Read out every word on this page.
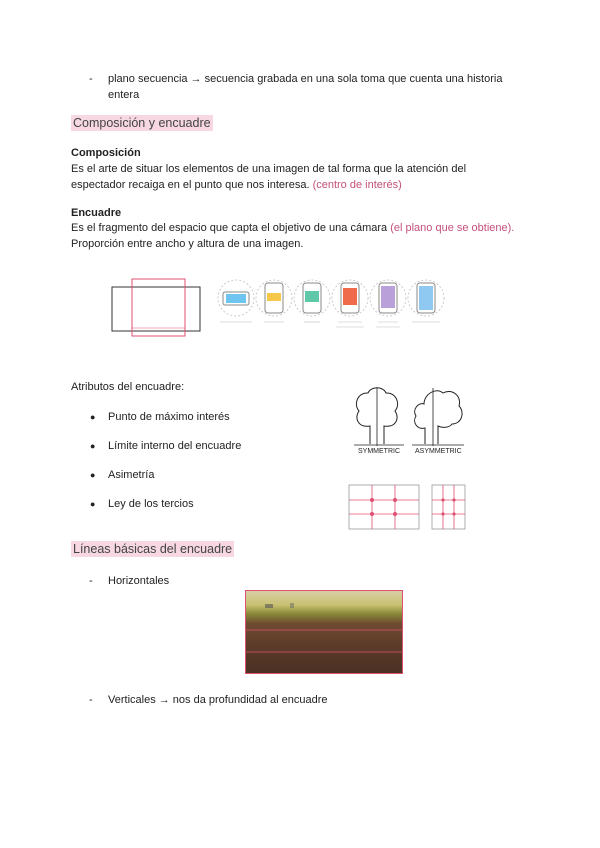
- plano secuencia → secuencia grabada en una sola toma que cuenta una historia
entera
Composición y encuadre
Composición
Es el arte de situar los elementos de una imagen de tal forma que la atención del
espectador recaiga en el punto que nos interesa. (centro de interés)
Encuadre
Es el fragmento del espacio que capta el objetivo de una cámara (el plano que se obtiene).
Proporción entre ancho y altura de una imagen.
Atributos del encuadre:
● Punto de máximo interés
● Límite interno del encuadre
● Asimetría
● Ley de los tercios
SYMMETRIC ASYMMETRIC
Líneas básicas del encuadre
- Horizontales
- Verticales → nos da profundidad al encuadre
